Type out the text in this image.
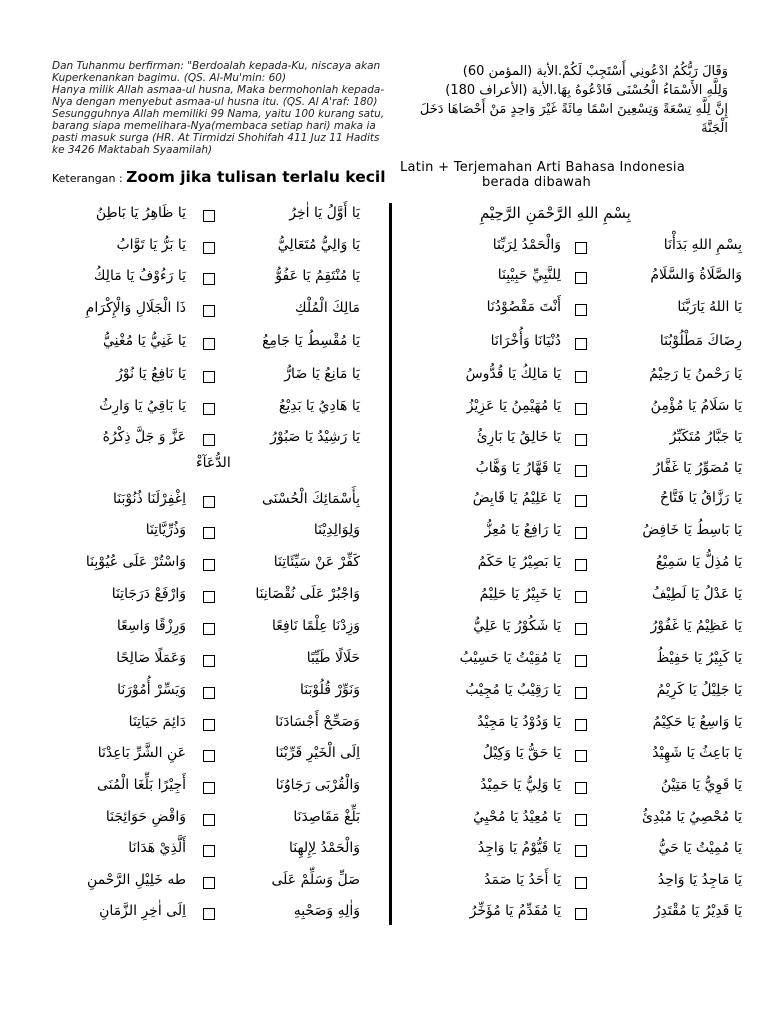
Dan Tuhanmu berfirman: "Berdoalah kepada-Ku, niscaya akan Kuperkenankan bagimu. (QS. Al-Mu'min: 60)

Hanya milik Allah asmaa-ul husna, Maka bermohonlah kepada-Nya dengan menyebut asmaa-ul husna itu. (QS. Al A'raf: 180)

Sesungguhnya Allah memiliki 99 Nama, yaitu 100 kurang satu, barang siapa memelihara-Nya(membaca setiap hari) maka ia pasti masuk surga (HR. At Tirmidzi Shohifah 411 Juz 11 Hadits ke 3426 Maktabah Syaamilah)

وَقَالَ رَبُّكُمُ ادْعُونِي أَسْتَجِبْ لَكُمْ.الأية (المؤمن 60)

وَلِلَّهِ الأَسْمَاءُ الْحُسْنَى فَادْعُوهُ بِهَا.الأية (الأعراف 180)

إِنَّ لِلَّهِ تِسْعَةً وَتِسْعِينَ اسْمًا مِائَةً غَيْرَ وَاحِدٍ مَنْ أَحْصَاهَا دَخَلَ الْجَنَّةَ

Keterangan : Zoom jika tulisan terlalu kecil
Latin + Terjemahan Arti Bahasa Indonesia
berada dibawah
بِسْمِ اللهِ الرَّحْمَنِ الرَّحِيْمِ
بِسْمِ اللهِ بَدَأْنَا
وَالْحَمْدُ لِرَبِّنَا
وَالصَّلَاةُ وَالسَّلَامُ
لِلنَّبِيِّ حَبِيْبِنَا
يَا اللهُ يَارَبَّنَا
أَنْتَ مَقْصُوْدُنَا
رِضَاكَ مَطْلُوْبُنَا
دُنْيَانَا وَأُخْرَانَا
يَا رَحْمنُ يَا رَحِيْمُ
يَا مَالِكُ يَا قُدُّوسُ
يَا سَلَامُ يَا مُؤْمِنُ
يَا مُهَيْمِنُ يَا عَزِيْزُ
يَا جَبَّارُ مُتَكَبِّرُ
يَا خَالِقُ يَا بَارِئُ
يَا مُصَوِّرُ يَا غَفَّارُ
يَا قَهَّارُ يَا وَهَّابُ
يَا رَزَّاقُ يَا فَتَّاحُ
يَا عَلِيْمُ يَا قَابِضُ
يَا بَاسِطُ يَا خَافِضُ
يَا رَافِعُ يَا مُعِزُّ
يَا مُذِلُّ يَا سَمِيْعُ
يَا بَصِيْرُ يَا حَكَمُ
يَا عَدْلُ يَا لَطِيْفُ
يَا خَبِيْرُ يَا حَلِيْمُ
يَا عَظِيْمُ يَا غَفُوْرُ
يَا شَكُوْرُ يَا عَلِيُّ
يَا كَبِيْرُ يَا حَفِيْظُ
يَا مُقِيْتُ يَا حَسِيْبُ
يَا جَلِيْلُ يَا كَرِيْمُ
يَا رَقِيْبُ يَا مُجِيْبُ
يَا وَاسِعُ يَا حَكِيْمُ
يَا وَدُوْدُ يَا مَجِيْدُ
يَا بَاعِثُ يَا شَهِيْدُ
يَا حَقُّ يَا وَكِيْلُ
يَا قَوِيُّ يَا مَتِيْنُ
يَا وَلِيُّ يَا حَمِيْدُ
يَا مُحْصِيُ يَا مُبْدِئُ
يَا مُعِيْدُ يَا مُحْيِيُ
يَا مُمِيْتُ يَا حَيُّ
يَا قَيُّوْمُ يَا وَاجِدُ
يَا مَاجِدُ يَا وَاحِدُ
يَا أَحَدُ يَا صَمَدُ
يَا قَدِيْرُ يَا مُقْتَدِرُ
يَا مُقَدِّمُ يَا مُؤَخِّرُ
يَا أَوَّلُ يَا اٰخِرُ
يَا ظَاهِرُ يَا بَاطِنُ
يَا وَالِيُّ مُتَعَالِيُّ
يَا بَرُّ يَا تَوَّابُ
يَا مُنْتَقِمُ يَا عَفُوُّ
يَا رَءُوْفُ يَا مَالِكُ
مَالِكَ الْمُلْكِ
ذَا الْجَلَالِ وَالْإِكْرَامِ
يَا مُقْسِطُ يَا جَامِعُ
يَا غَنِيُّ يَا مُغْنِيُّ
يَا مَانِعُ يَا ضَارُّ
يَا نَافِعُ يَا نُوْرُ
يَا هَادِيُ يَا بَدِيْعُ
يَا بَاقِيُ يَا وَارِثُ
يَا رَشِيْدُ يَا صَبُوْرُ
عَزَّ وَ جَلَّ ذِكْرُهُ
بِأَسْمَائِكَ الْحُسْنَى
اِغْفِرْلَنَا ذُنُوْبَنَا
وَلِوَالِدِيْنَا
وَذُرِّيَّاتِنَا
كَفِّرْ عَنْ سَيِّئَاتِنَا
وَاسْتُرْ عَلَى عُيُوْبِنَا
وَاجْبُرْ عَلَى نُقْصَانِنَا
وَارْفَعْ دَرَجَاتِنَا
وَزِدْنَا عِلْمًا نَافِعًا
وَرِزْقًا وَاسِعًا
حَلَالًا طَيِّبًا
وَعَمَلًا صَالِحًا
وَنَوِّرْ قُلُوْبَنَا
وَيَسِّرْ أُمُوْرَنَا
وَصَحِّحْ أَجْسَادَنَا
دَائِمَ حَيَاتِنَا
اِلَى الْخَيْرِ قَرِّبْنَا
عَنِ الشَّرِّ بَاعِدْنَا
وَالْقُرْبَى رَجَاوُنَا
أَجِيْرًا بَلِّغَا الْمُنَى
بَلِّغْ مَقَاصِدَنَا
وَاقْضِ حَوَائِجَنَا
وَالْحَمْدُ لِإِلهِنَا
أَلَّذِيْ هَدَانَا
صَلِّ وَسَلِّمْ عَلَى
طه خَلِيْلِ الرَّحْمنِ
وَاٰلِهِ وَصَحْبِهِ
اِلَى اٰخِرِ الزَّمَانِ
الدُّعَآءْ
